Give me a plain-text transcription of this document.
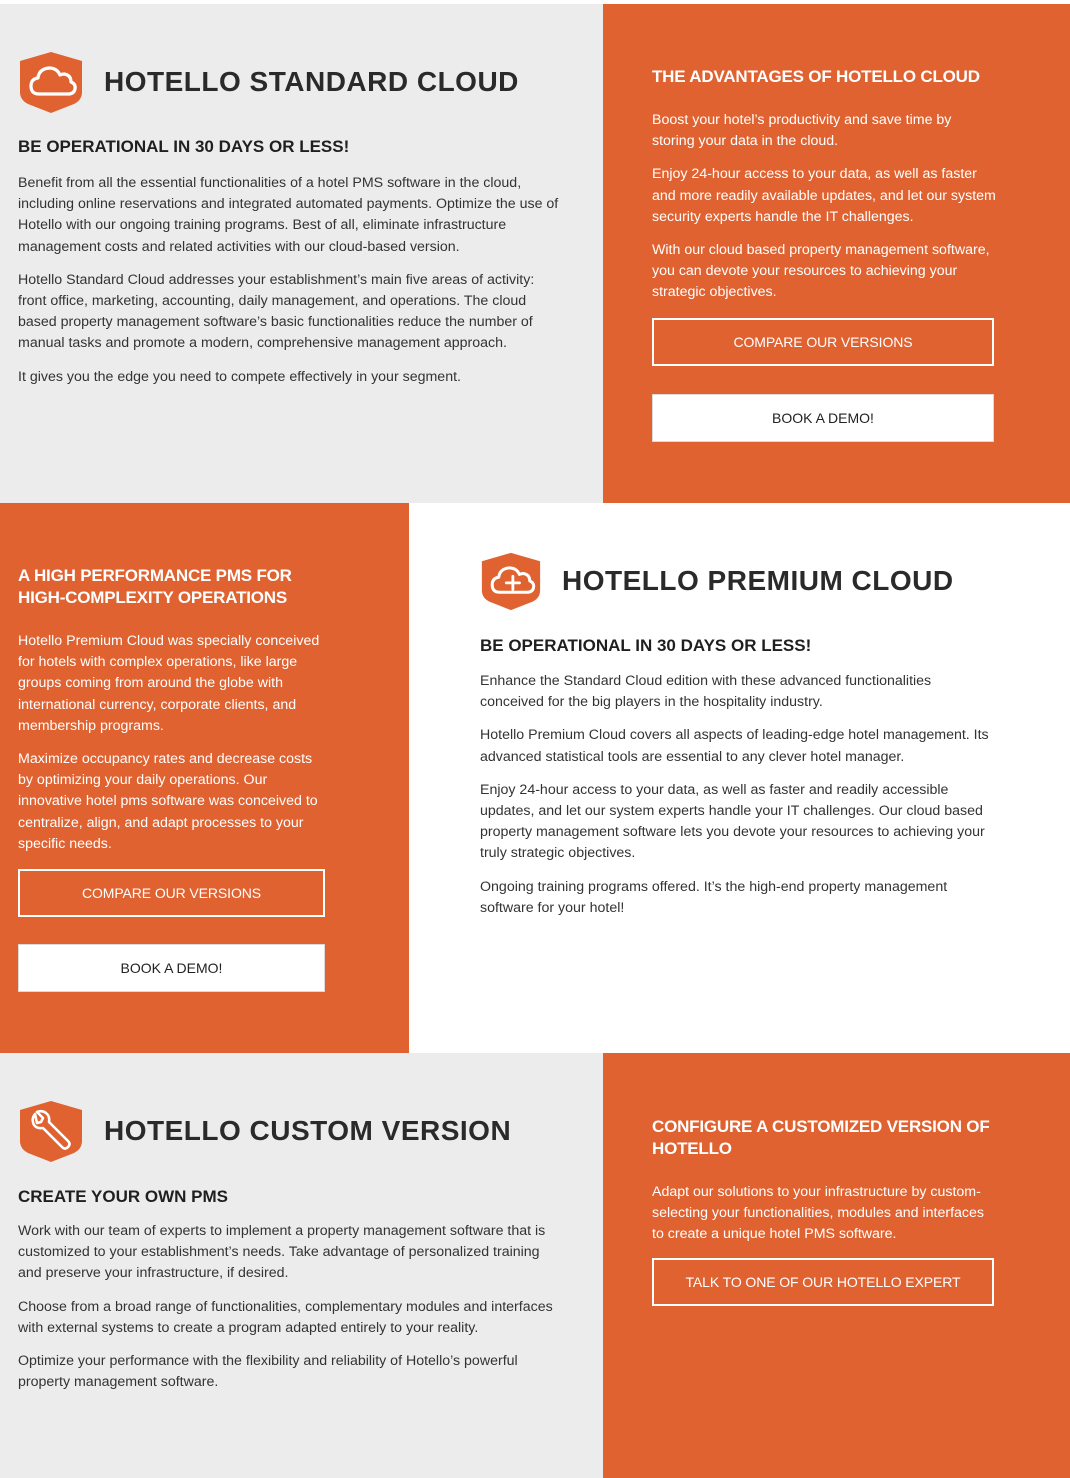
HOTELLO STANDARD CLOUD
BE OPERATIONAL IN 30 DAYS OR LESS!

Benefit from all the essential functionalities of a hotel PMS software in the cloud, including online reservations and integrated automated payments. Optimize the use of Hotello with our ongoing training programs. Best of all, eliminate infrastructure management costs and related activities with our cloud-based version.

Hotello Standard Cloud addresses your establishment’s main five areas of activity: front office, marketing, accounting, daily management, and operations. The cloud based property management software’s basic functionalities reduce the number of manual tasks and promote a modern, comprehensive management approach.

It gives you the edge you need to compete effectively in your segment.

THE ADVANTAGES OF HOTELLO CLOUD

Boost your hotel’s productivity and save time by storing your data in the cloud.

Enjoy 24-hour access to your data, as well as faster and more readily available updates, and let our system security experts handle the IT challenges.

With our cloud based property management software, you can devote your resources to achieving your strategic objectives.

COMPARE OUR VERSIONS
BOOK A DEMO!
A HIGH PERFORMANCE PMS FOR HIGH-COMPLEXITY OPERATIONS

Hotello Premium Cloud was specially conceived for hotels with complex operations, like large groups coming from around the globe with international currency, corporate clients, and membership programs.

Maximize occupancy rates and decrease costs by optimizing your daily operations. Our innovative hotel pms software was conceived to centralize, align, and adapt processes to your specific needs.

COMPARE OUR VERSIONS
BOOK A DEMO!
HOTELLO PREMIUM CLOUD
BE OPERATIONAL IN 30 DAYS OR LESS!

Enhance the Standard Cloud edition with these advanced functionalities conceived for the big players in the hospitality industry.

Hotello Premium Cloud covers all aspects of leading-edge hotel management. Its advanced statistical tools are essential to any clever hotel manager.

Enjoy 24-hour access to your data, as well as faster and readily accessible updates, and let our system experts handle your IT challenges. Our cloud based property management software lets you devote your resources to achieving your truly strategic objectives.

Ongoing training programs offered. It’s the high-end property management software for your hotel!

HOTELLO CUSTOM VERSION
CREATE YOUR OWN PMS

Work with our team of experts to implement a property management software that is customized to your establishment’s needs. Take advantage of personalized training and preserve your infrastructure, if desired.

Choose from a broad range of functionalities, complementary modules and interfaces with external systems to create a program adapted entirely to your reality.

Optimize your performance with the flexibility and reliability of Hotello’s powerful property management software.

CONFIGURE A CUSTOMIZED VERSION OF HOTELLO

Adapt our solutions to your infrastructure by custom-selecting your functionalities, modules and interfaces to create a unique hotel PMS software.

TALK TO ONE OF OUR HOTELLO EXPERT
